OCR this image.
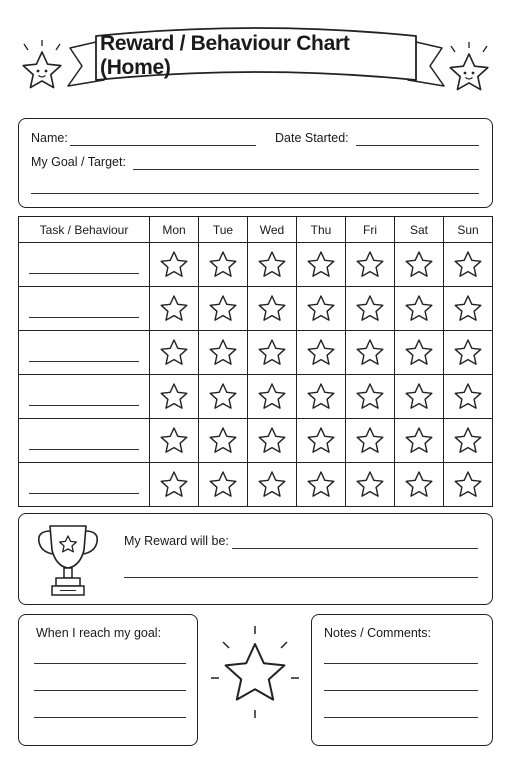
Reward / Behaviour Chart (Home)
Name:	Date Started:
My Goal / Target:
Task / Behaviour	Mon	Tue	Wed	Thu	Fri	Sat	Sun

My Reward will be:
When I reach my goal:	Notes / Comments:
